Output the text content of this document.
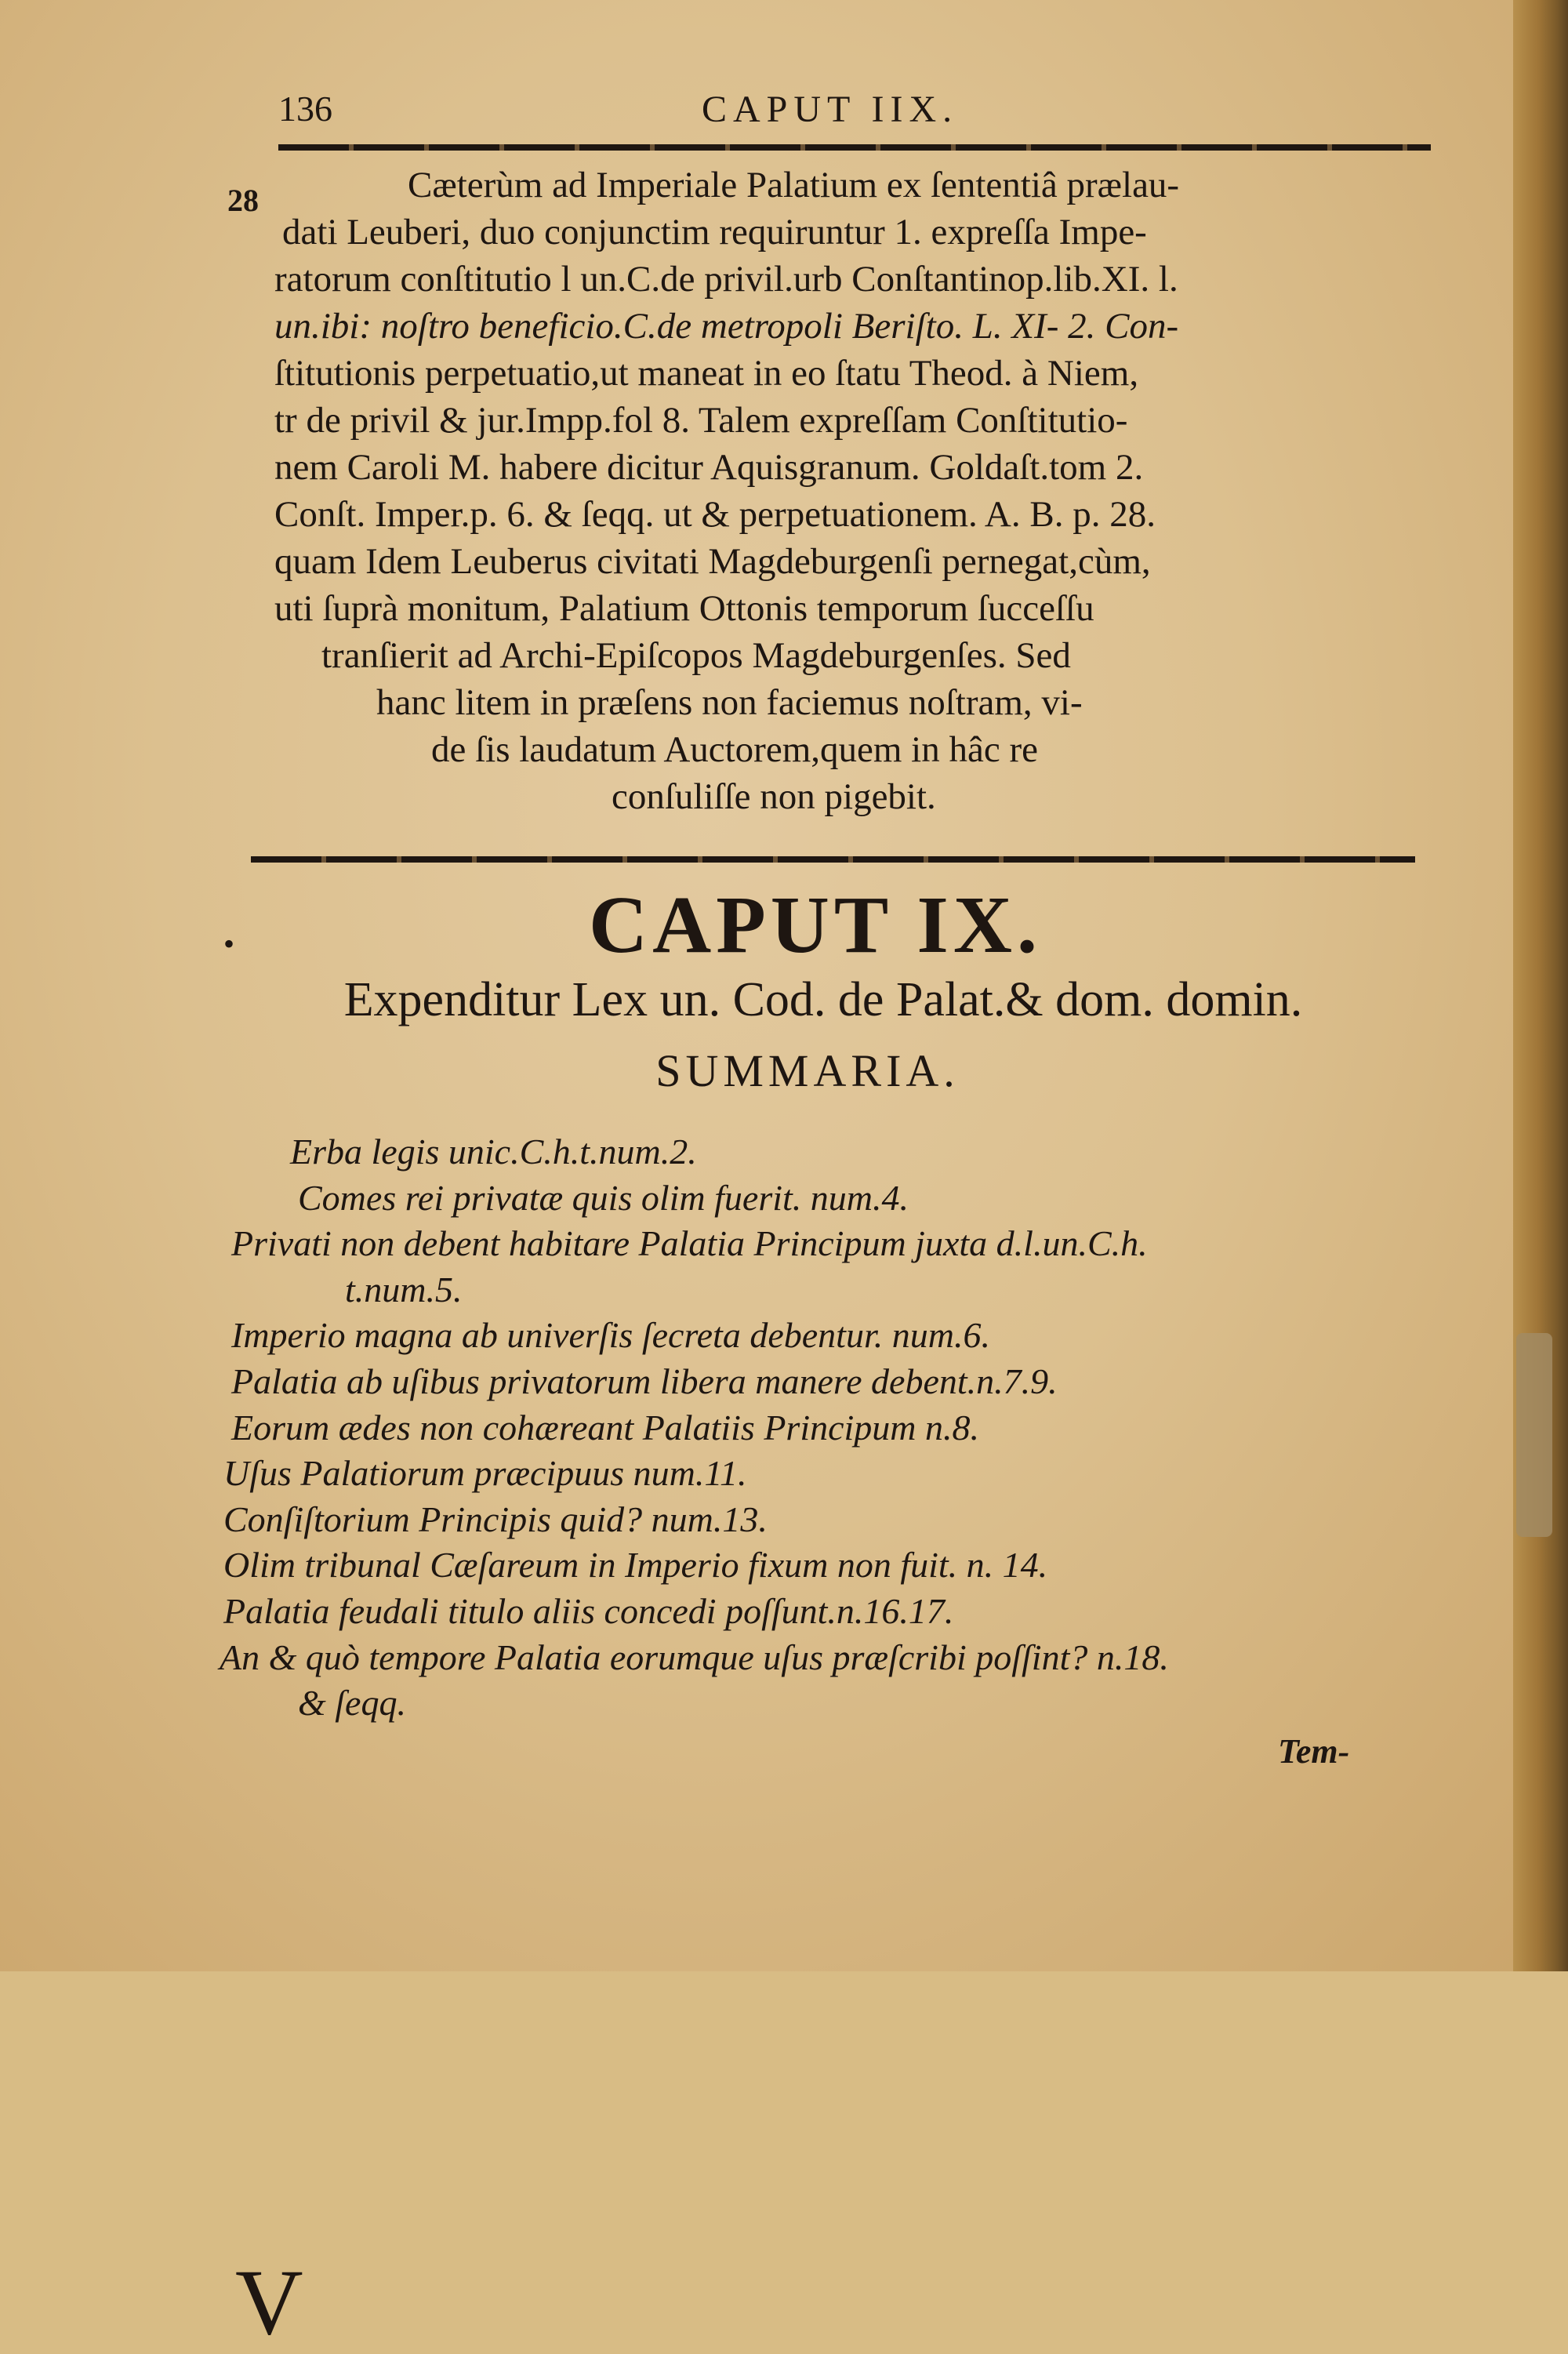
136	CAPUT IIX.
28	Cæterùm ad Imperiale Palatium ex ſententiâ prælau-
dati Leuberi, duo conjunctim requiruntur 1. expreſſa Impe-
ratorum conſtitutio l un.C.de privil.urb Conſtantinop.lib.XI. l.
un.ibi: noſtro beneficio.C.de metropoli Beriſto. L. XI- 2. Con-
ſtitutionis perpetuatio,ut maneat in eo ſtatu Theod. à Niem,
tr de privil & jur.Impp.fol 8. Talem expreſſam Conſtitutio-
nem Caroli M. habere dicitur Aquisgranum. Goldaſt.tom 2.
Conſt. Imper.p. 6. & ſeqq. ut & perpetuationem. A. B. p. 28.
quam Idem Leuberus civitati Magdeburgenſi pernegat,cùm,
uti ſuprà monitum, Palatium Ottonis temporum ſucceſſu
tranſierit ad Archi-Epiſcopos Magdeburgenſes. Sed
hanc litem in præſens non faciemus noſtram, vi-
de ſis laudatum Auctorem,quem in hâc re
conſuliſſe non pigebit.
•	CAPUT IX.
Expenditur Lex un. Cod. de Palat.& dom. domin.
SUMMARIA.
V
Erba legis unic.C.h.t.num.2.
Comes rei privatæ quis olim fuerit. num.4.
Privati non debent habitare Palatia Principum juxta d.l.un.C.h.
t.num.5.
Imperio magna ab univerſis ſecreta debentur. num.6.
Palatia ab uſibus privatorum libera manere debent.n.7.9.
Eorum ædes non cohæreant Palatiis Principum n.8.
Uſus Palatiorum præcipuus num.11.
Conſiſtorium Principis quid? num.13.
Olim tribunal Cæſareum in Imperio fixum non fuit. n. 14.
Palatia feudali titulo aliis concedi poſſunt.n.16.17.
An & quò tempore Palatia eorumque uſus præſcribi poſſint? n.18.
& ſeqq.
Tem-
